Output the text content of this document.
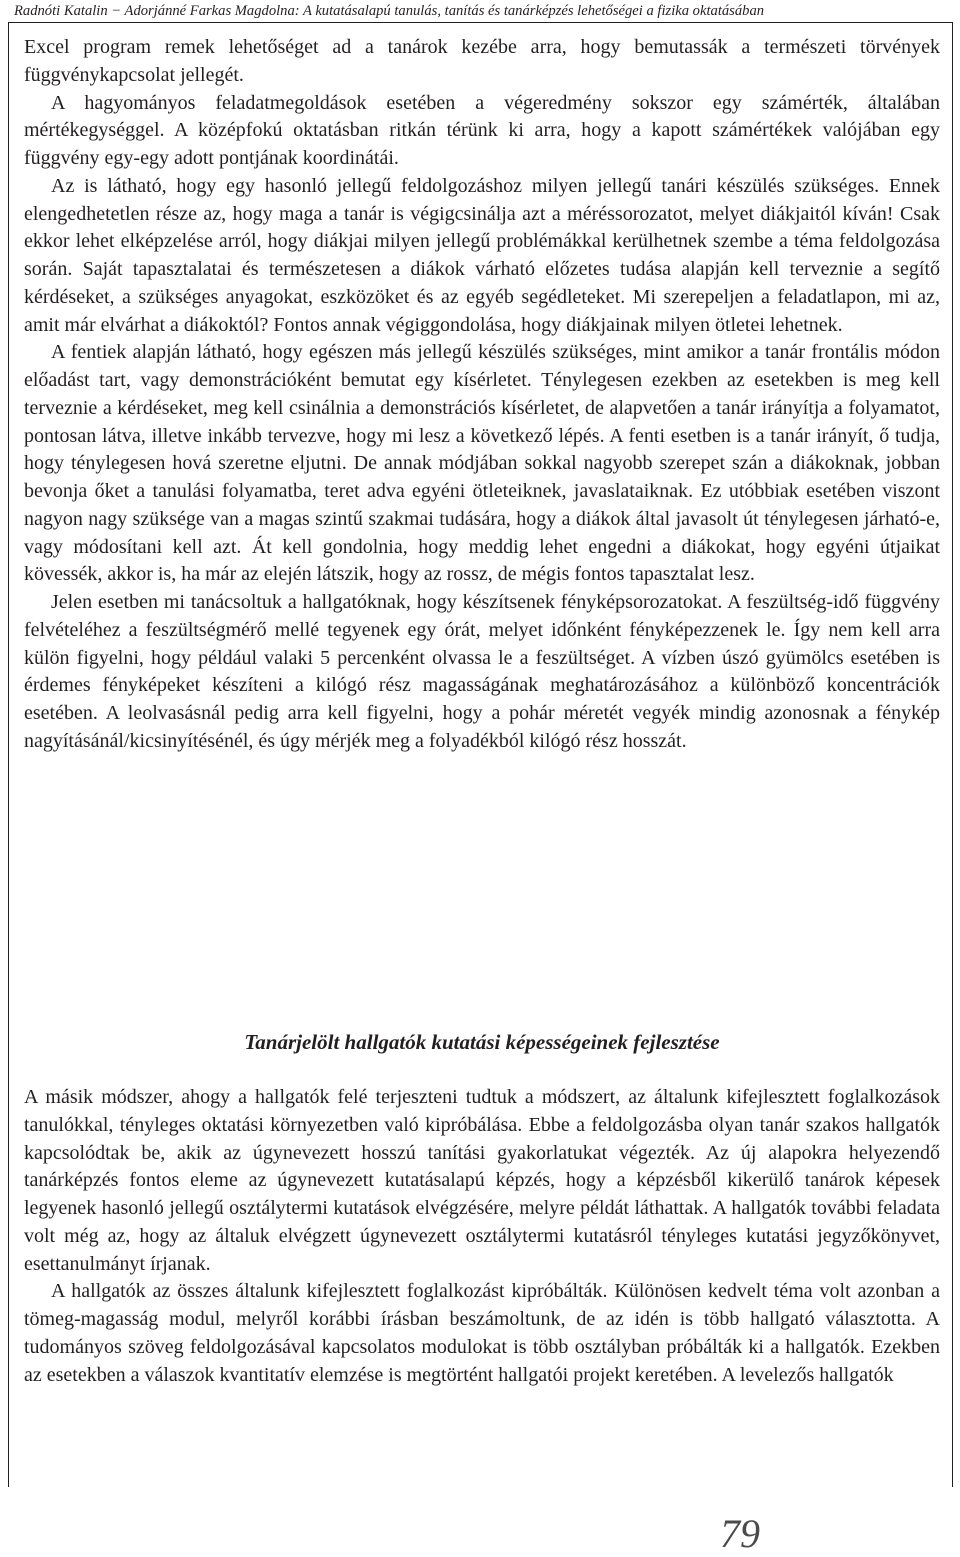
Radnóti Katalin − Adorjánné Farkas Magdolna: A kutatásalapú tanulás, tanítás és tanárképzés lehetőségei a fizika oktatásában

Excel program remek lehetőséget ad a tanárok kezébe arra, hogy bemutassák a természeti törvények függvénykapcsolat jellegét.

A hagyományos feladatmegoldások esetében a végeredmény sokszor egy számérték, általában mértékegységgel. A középfokú oktatásban ritkán térünk ki arra, hogy a kapott számértékek valójában egy függvény egy-egy adott pontjának koordinátái.

Az is látható, hogy egy hasonló jellegű feldolgozáshoz milyen jellegű tanári készülés szükséges. Ennek elengedhetetlen része az, hogy maga a tanár is végigcsinálja azt a méréssorozatot, melyet diákjaitól kíván! Csak ekkor lehet elképzelése arról, hogy diákjai milyen jellegű problémákkal kerülhetnek szembe a téma feldolgozása során. Saját tapasztalatai és természetesen a diákok várható előzetes tudása alapján kell terveznie a segítő kérdéseket, a szükséges anyagokat, eszközöket és az egyéb segédleteket. Mi szerepeljen a feladatlapon, mi az, amit már elvárhat a diákoktól? Fontos annak végiggondolása, hogy diákjainak milyen ötletei lehetnek.

A fentiek alapján látható, hogy egészen más jellegű készülés szükséges, mint amikor a tanár frontális módon előadást tart, vagy demonstrációként bemutat egy kísérletet. Ténylegesen ezekben az esetekben is meg kell terveznie a kérdéseket, meg kell csinálnia a demonstrációs kísérletet, de alapvetően a tanár irányítja a folyamatot, pontosan látva, illetve inkább tervezve, hogy mi lesz a következő lépés. A fenti esetben is a tanár irányít, ő tudja, hogy ténylegesen hová szeretne eljutni. De annak módjában sokkal nagyobb szerepet szán a diákoknak, jobban bevonja őket a tanulási folyamatba, teret adva egyéni ötleteiknek, javaslataiknak. Ez utóbbiak esetében viszont nagyon nagy szüksége van a magas szintű szakmai tudására, hogy a diákok által javasolt út ténylegesen járható-e, vagy módosítani kell azt. Át kell gondolnia, hogy meddig lehet engedni a diákokat, hogy egyéni útjaikat kövessék, akkor is, ha már az elején látszik, hogy az rossz, de mégis fontos tapasztalat lesz.

Jelen esetben mi tanácsoltuk a hallgatóknak, hogy készítsenek fényképsorozatokat. A feszültség-idő függvény felvételéhez a feszültségmérő mellé tegyenek egy órát, melyet időnként fényképezzenek le. Így nem kell arra külön figyelni, hogy például valaki 5 percenként olvassa le a feszültséget. A vízben úszó gyümölcs esetében is érdemes fényképeket készíteni a kilógó rész magasságának meghatározásához a különböző koncentrációk esetében. A leolvasásnál pedig arra kell figyelni, hogy a pohár méretét vegyék mindig azonosnak a fénykép nagyításánál/kicsinyítésénél, és úgy mérjék meg a folyadékból kilógó rész hosszát.

Tanárjelölt hallgatók kutatási képességeinek fejlesztése

A másik módszer, ahogy a hallgatók felé terjeszteni tudtuk a módszert, az általunk kifejlesztett foglalkozások tanulókkal, tényleges oktatási környezetben való kipróbálása. Ebbe a feldolgozásba olyan tanár szakos hallgatók kapcsolódtak be, akik az úgynevezett hosszú tanítási gyakorlatukat végezték. Az új alapokra helyezendő tanárképzés fontos eleme az úgynevezett kutatásalapú képzés, hogy a képzésből kikerülő tanárok képesek legyenek hasonló jellegű osztálytermi kutatások elvégzésére, melyre példát láthattak. A hallgatók további feladata volt még az, hogy az általuk elvégzett úgynevezett osztálytermi kutatásról tényleges kutatási jegyzőkönyvet, esettanulmányt írjanak.

A hallgatók az összes általunk kifejlesztett foglalkozást kipróbálták. Különösen kedvelt téma volt azonban a tömeg-magasság modul, melyről korábbi írásban beszámoltunk, de az idén is több hallgató választotta. A tudományos szöveg feldolgozásával kapcsolatos modulokat is több osztályban próbálták ki a hallgatók. Ezekben az esetekben a válaszok kvantitatív elemzése is megtörtént hallgatói projekt keretében. A levelezős hallgatók

79
